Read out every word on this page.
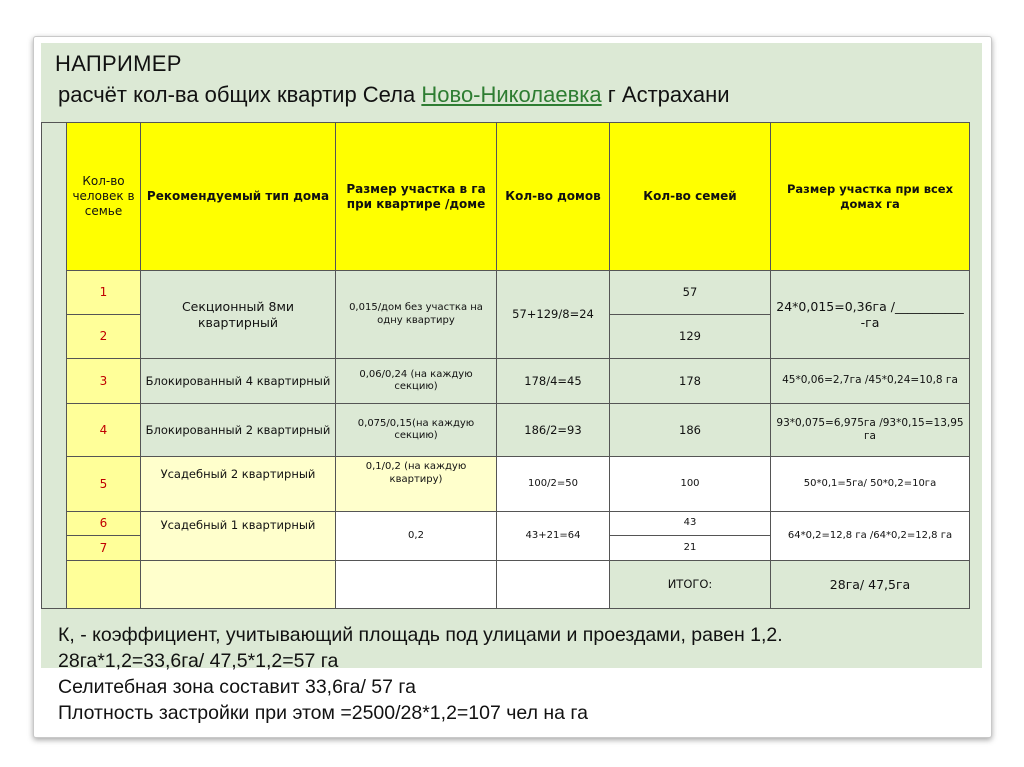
НАПРИМЕР
расчёт кол-ва общих квартир Села Ново-Николаевка г Астрахани
	Кол-во человек в семье	Рекомендуемый тип дома	Размер участка в га при квартире /доме	Кол-во домов	Кол-во семей	Размер участка при всех домах га
	1	Секционный 8ми квартирный	0,015/дом без участка на одну квартиру	57+129/8=24	57	24*0,015=0,36га /___________ -га
	2				129	
	3	Блокированный 4 квартирный	0,06/0,24 (на каждую секцию)	178/4=45	178	45*0,06=2,7га /45*0,24=10,8 га
	4	Блокированный 2 квартирный	0,075/0,15(на каждую секцию)	186/2=93	186	93*0,075=6,975га /93*0,15=13,95 га
	5	Усадебный 2 квартирный	0,1/0,2 (на каждую квартиру)	100/2=50	100	50*0,1=5га/ 50*0,2=10га
	6	Усадебный 1 квартирный	0,2	43+21=64	43	64*0,2=12,8 га /64*0,2=12,8 га
	7				21	
					ИТОГО:	28га/ 47,5га
К, - коэффициент, учитывающий площадь под улицами и проездами, равен 1,2.
28га*1,2=33,6га/ 47,5*1,2=57 га
Селитебная зона составит 33,6га/ 57 га
Плотность застройки при этом =2500/28*1,2=107 чел на га
